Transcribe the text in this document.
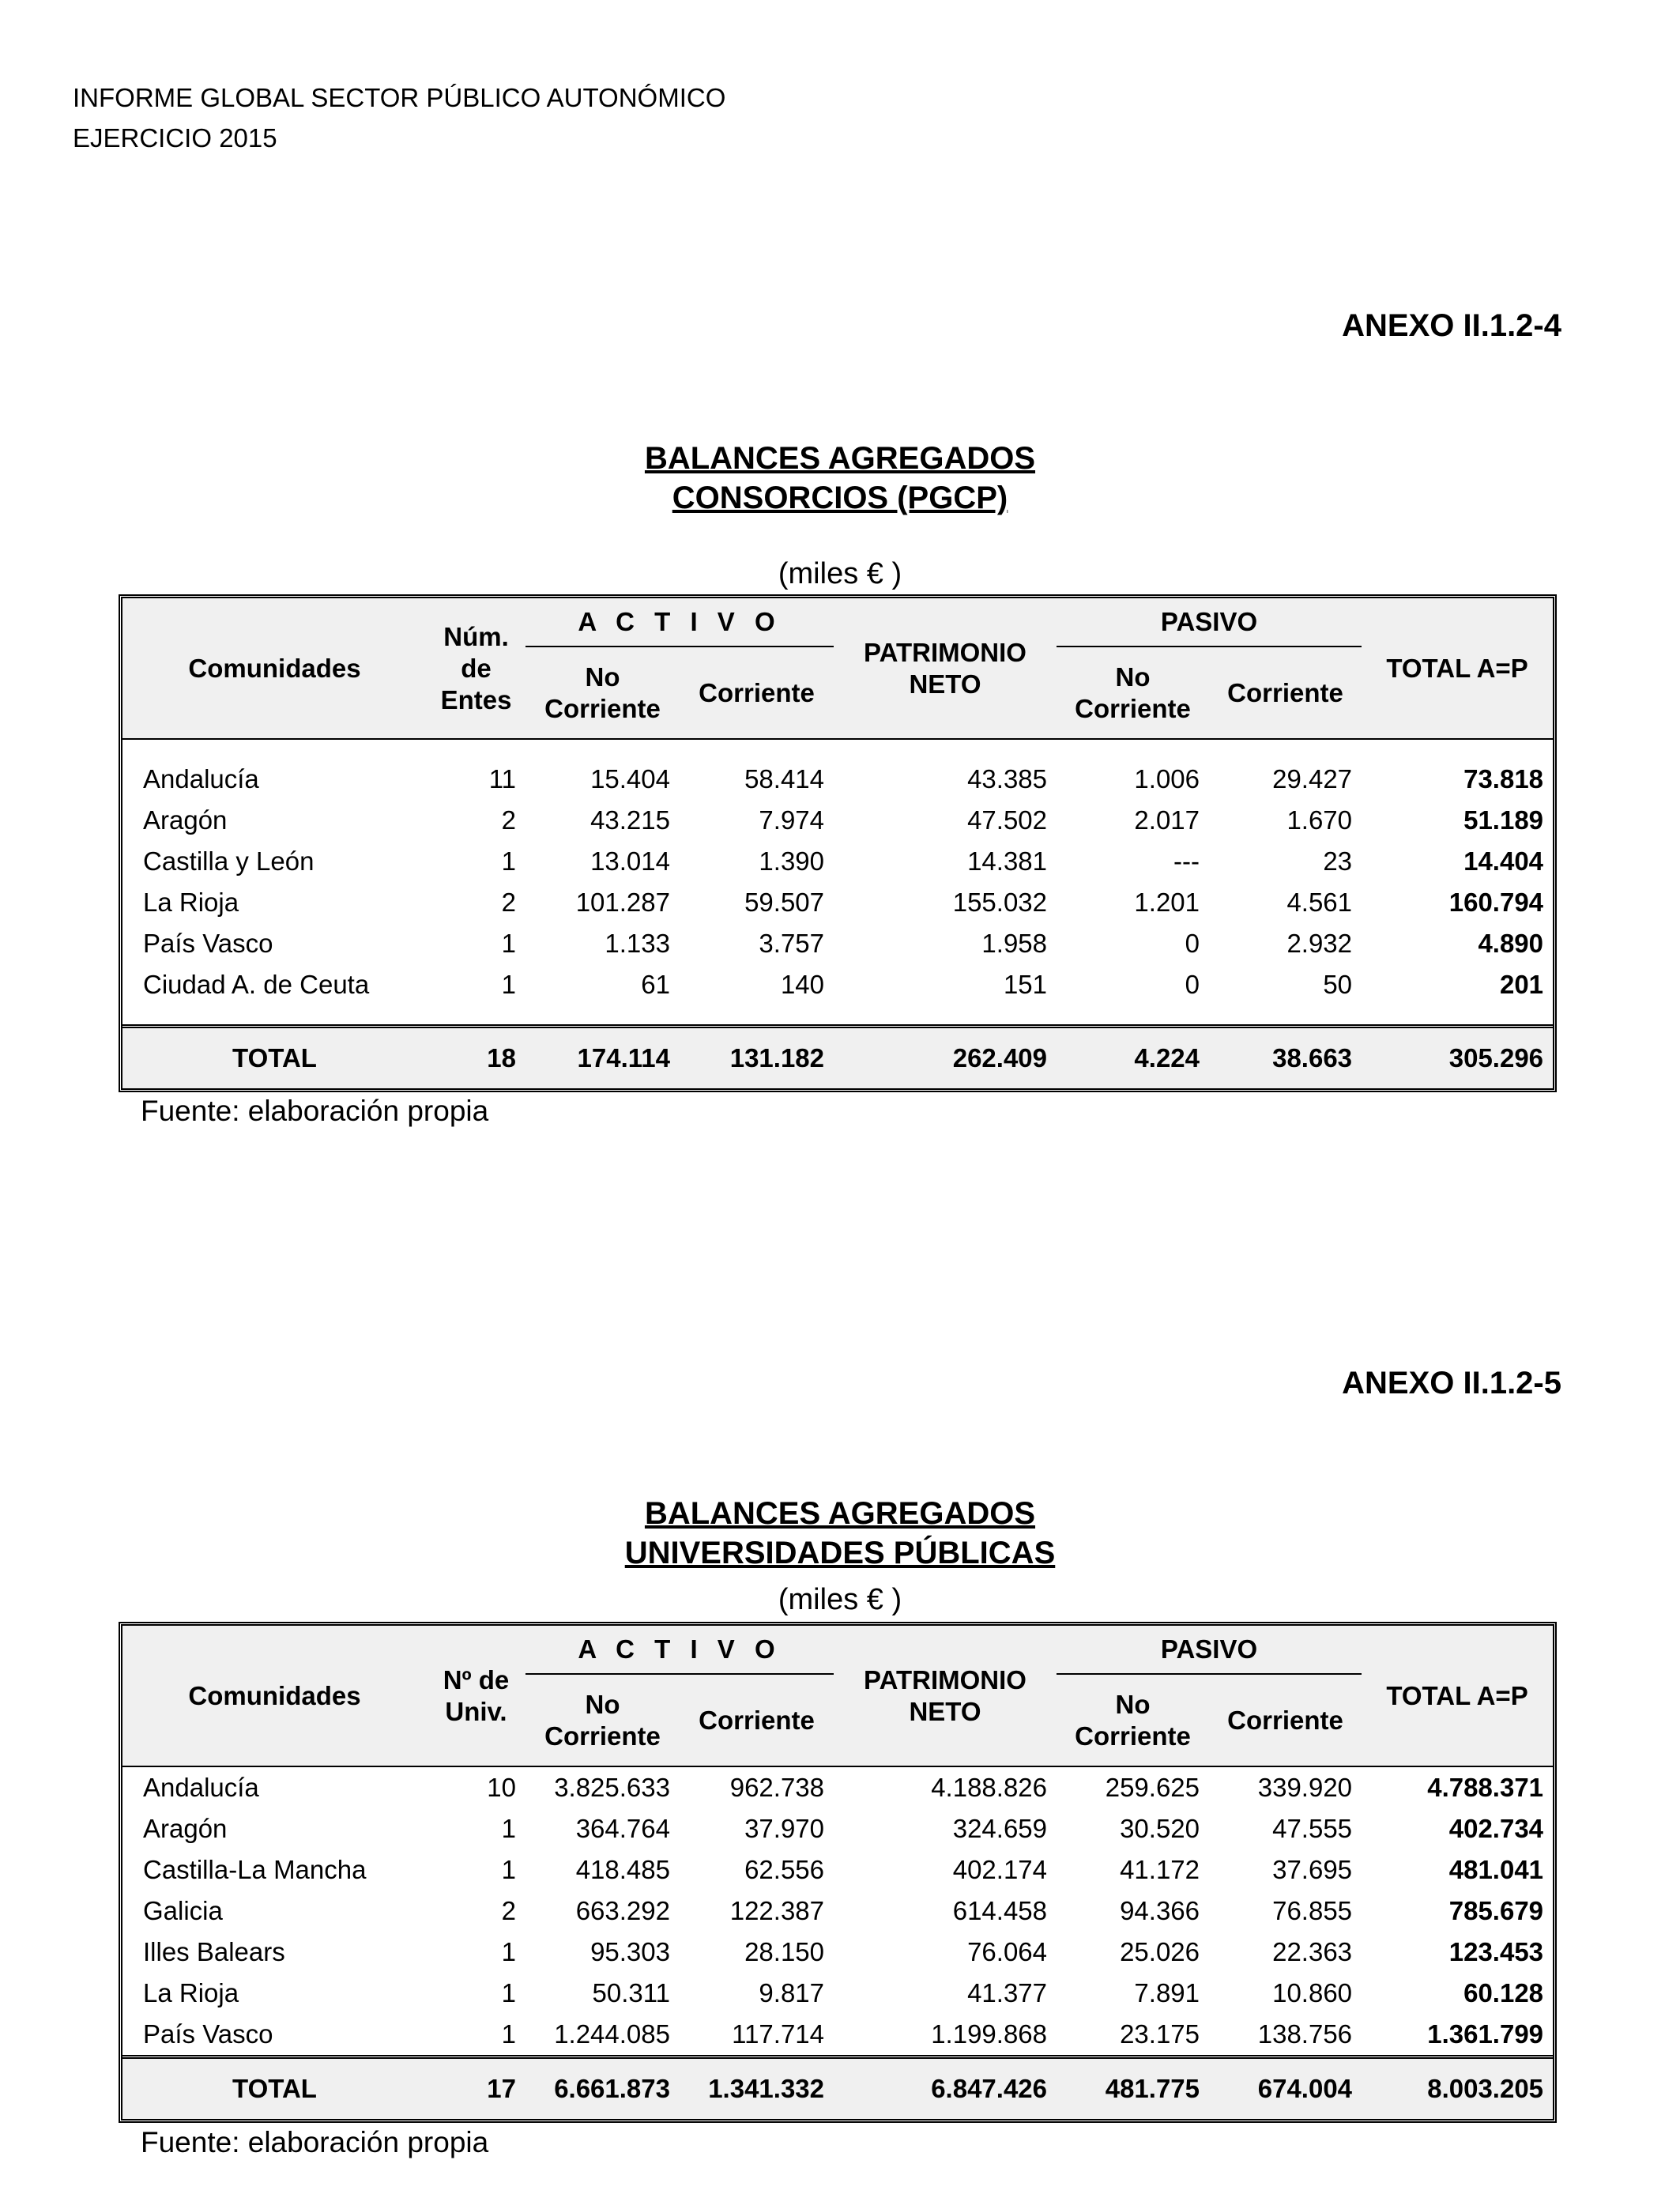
INFORME GLOBAL SECTOR PÚBLICO AUTONÓMICO
EJERCICIO 2015
ANEXO II.1.2-4
BALANCES AGREGADOS
CONSORCIOS (PGCP)
(miles € )
Comunidades	Núm. de Entes	A C T I V O		PATRIMONIO NETO	PASIVO		TOTAL A=P
		No Corriente	Corriente		No Corriente	Corriente	

Andalucía	11	15.404	58.414	43.385	1.006	29.427	73.818
Aragón	2	43.215	7.974	47.502	2.017	1.670	51.189
Castilla y León	1	13.014	1.390	14.381	---	23	14.404
La Rioja	2	101.287	59.507	155.032	1.201	4.561	160.794
País Vasco	1	1.133	3.757	1.958	0	2.932	4.890
Ciudad A. de Ceuta	1	61	140	151	0	50	201

TOTAL	18	174.114	131.182	262.409	4.224	38.663	305.296
Fuente: elaboración propia
ANEXO II.1.2-5
BALANCES AGREGADOS
UNIVERSIDADES PÚBLICAS
(miles € )
Comunidades	Nº de Univ.	A C T I V O		PATRIMONIO NETO	PASIVO		TOTAL A=P
		No Corriente	Corriente		No Corriente	Corriente	
Andalucía	10	3.825.633	962.738	4.188.826	259.625	339.920	4.788.371
Aragón	1	364.764	37.970	324.659	30.520	47.555	402.734
Castilla-La Mancha	1	418.485	62.556	402.174	41.172	37.695	481.041
Galicia	2	663.292	122.387	614.458	94.366	76.855	785.679
Illes Balears	1	95.303	28.150	76.064	25.026	22.363	123.453
La Rioja	1	50.311	9.817	41.377	7.891	10.860	60.128
País Vasco	1	1.244.085	117.714	1.199.868	23.175	138.756	1.361.799
TOTAL	17	6.661.873	1.341.332	6.847.426	481.775	674.004	8.003.205
Fuente: elaboración propia
